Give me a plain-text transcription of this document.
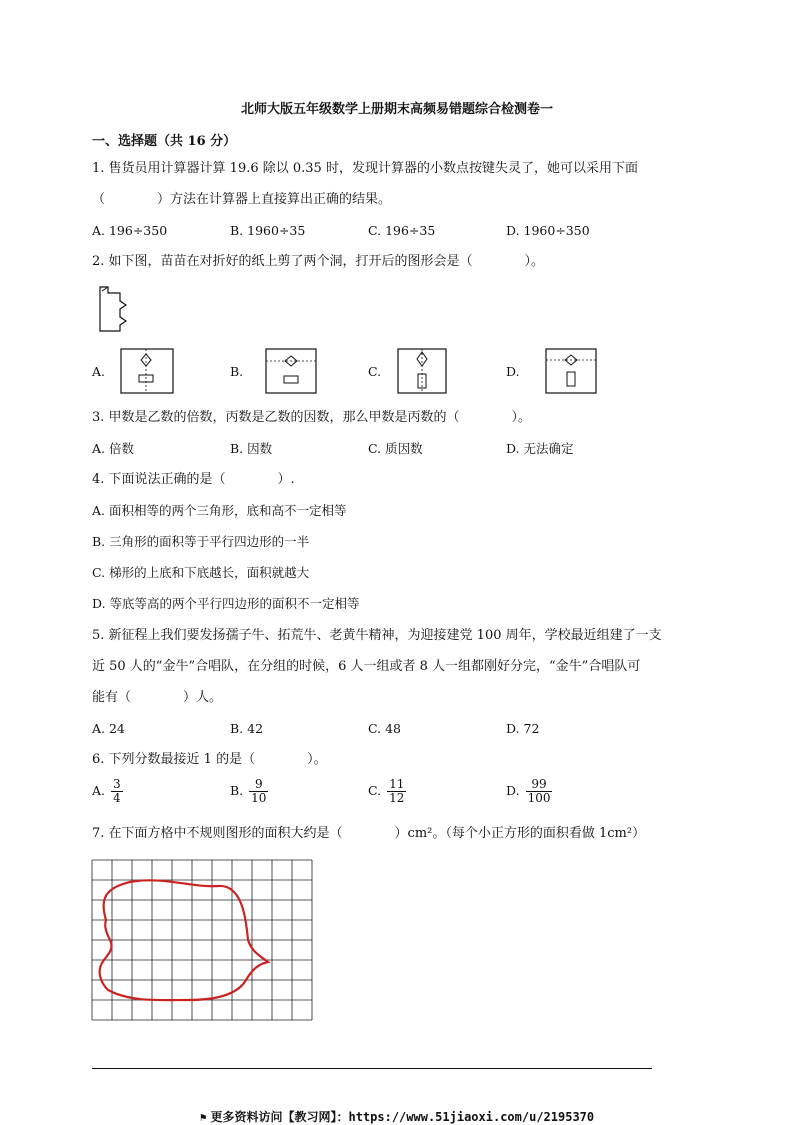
北师大版五年级数学上册期末高频易错题综合检测卷一
一、选择题（共 16 分）
1. 售货员用计算器计算 19.6 除以 0.35 时，发现计算器的小数点按键失灵了，她可以采用下面
（　　　　）方法在计算器上直接算出正确的结果。
A. 196÷350	B. 1960÷35	C. 196÷35	D. 1960÷350
2. 如下图，苗苗在对折好的纸上剪了两个洞，打开后的图形会是（　　　　）。
A.	B.	C.	D.
3. 甲数是乙数的倍数，丙数是乙数的因数，那么甲数是丙数的（　　　　）。
A. 倍数	B. 因数	C. 质因数	D. 无法确定
4. 下面说法正确的是（　　　　）.
A. 面积相等的两个三角形，底和高不一定相等
B. 三角形的面积等于平行四边形的一半
C. 梯形的上底和下底越长，面积就越大
D. 等底等高的两个平行四边形的面积不一定相等
5. 新征程上我们要发扬孺子牛、拓荒牛、老黄牛精神，为迎接建党 100 周年，学校最近组建了一支
近 50 人的“金牛”合唱队，在分组的时候，6 人一组或者 8 人一组都刚好分完，“金牛”合唱队可
能有（　　　　）人。
A. 24	B. 42	C. 48	D. 72
6. 下列分数最接近 1 的是（　　　　）。
A. $\frac{3}{4}$	B. $\frac{9}{10}$	C. $\frac{11}{12}$	D. $\frac{99}{100}$
7. 在下面方格中不规则图形的面积大约是（　　　　）cm²。（每个小正方形的面积看做 1cm²）
⚑ 更多资料访问【教习网】：https://www.51jiaoxi.com/u/2195370
